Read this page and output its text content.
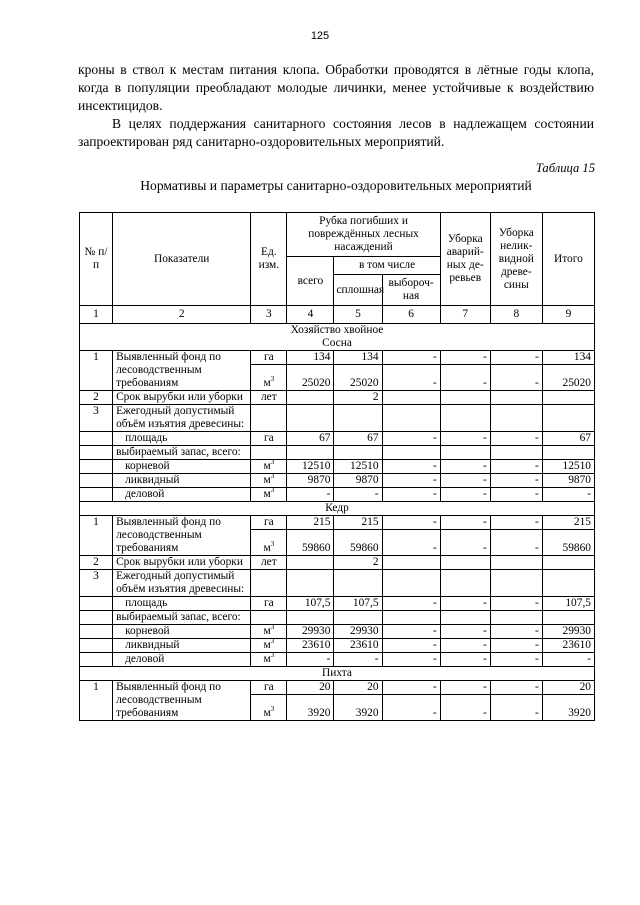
125

кроны в ствол к местам питания клопа. Обработки проводятся в лётные годы клопа, когда в популяции преобладают молодые личинки, менее устойчивые к воздействию инсектицидов.

В целях поддержания санитарного состояния лесов в надлежащем состоянии запроектирован ряд санитарно-оздоровительных мероприятий.

Таблица 15
Нормативы и параметры санитарно-оздоровительных мероприятий
№ п/п	Показатели	Ед. изм.	Рубка погибших и повреждённых лесных насаждений			Уборка аварий-ных де-ревьев	Уборка нелик-видной древе-сины	Итого
			всего	в том числе				
				сплошная	выбороч-ная			
1	2	3	4	5	6	7	8	9

Хозяйство хвойное
Сосна								

1	Выявленный фонд по лесоводственным требованиям	га	134	134	-	-	-	134
		$м^3$	25020	25020	-	-	-	25020
2	Срок вырубки или уборки	лет		2				
3	Ежегодный допустимый объём изъятия древесины:							
	площадь	га	67	67	-	-	-	67
	выбираемый запас, всего:							
	корневой	$м^3$	12510	12510	-	-	-	12510
	ликвидный	$м^3$	9870	9870	-	-	-	9870
	деловой	$м^3$	-	-	-	-	-	-
Кедр								
1	Выявленный фонд по лесоводственным требованиям	га	215	215	-	-	-	215
		$м^3$	59860	59860	-	-	-	59860
2	Срок вырубки или уборки	лет		2				
3	Ежегодный допустимый объём изъятия древесины:							
	площадь	га	107,5	107,5	-	-	-	107,5
	выбираемый запас, всего:							
	корневой	$м^3$	29930	29930	-	-	-	29930
	ликвидный	$м^3$	23610	23610	-	-	-	23610
	деловой	$м^3$	-	-	-	-	-	-
Пихта								
1	Выявленный фонд по лесоводственным требованиям	га	20	20	-	-	-	20
		$м^3$	3920	3920	-	-	-	3920
